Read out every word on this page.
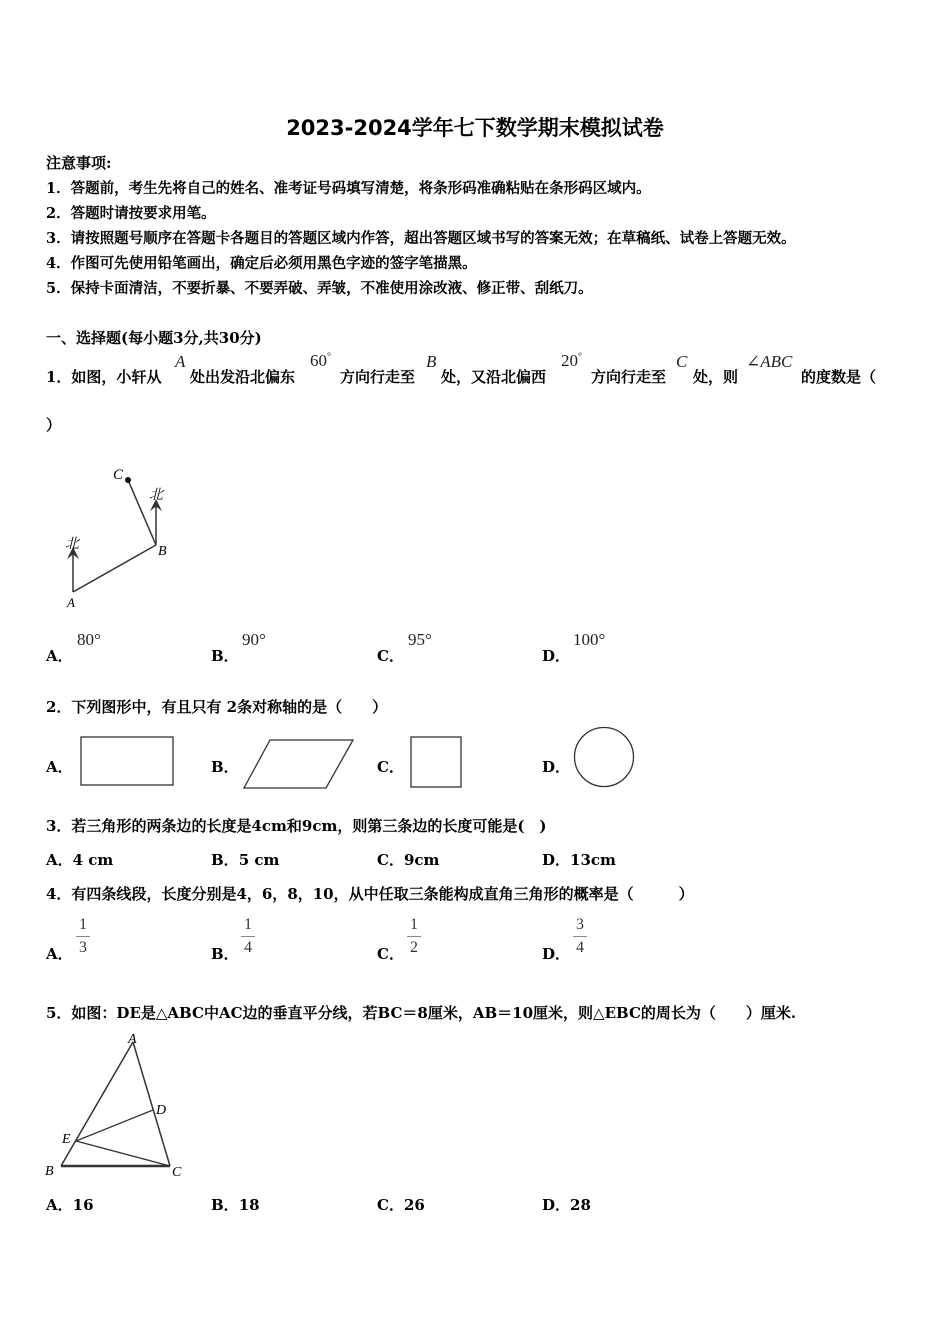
2023-2024学年七下数学期末模拟试卷
注意事项:
1．答题前，考生先将自己的姓名、准考证号码填写清楚，将条形码准确粘贴在条形码区域内。
2．答题时请按要求用笔。
3．请按照题号顺序在答题卡各题目的答题区域内作答，超出答题区域书写的答案无效；在草稿纸、试卷上答题无效。
4．作图可先使用铅笔画出，确定后必须用黑色字迹的签字笔描黑。
5．保持卡面清洁，不要折暴、不要弄破、弄皱，不准使用涂改液、修正带、刮纸刀。
一、选择题(每小题3分,共30分)
1．如图，小轩从
A
处出发沿北偏东
60°
方向行走至
B
处，又沿北偏西
20°
方向行走至
C
处，则
∠ABC
的度数是（
）
C
B
A
北
北
A．
80°
B．
90°
C．
95°
D．
100°
2．下列图形中，有且只有 2条对称轴的是（　　）
A．	B．	C．	D．
3．若三角形的两条边的长度是4cm和9cm，则第三条边的长度可能是(　)
A．4 cm	B．5 cm	C．9cm	D．13cm
4．有四条线段，长度分别是4，6，8，10，从中任取三条能构成直角三角形的概率是（　　　）
A．
1
3	B．
1
4	C．
1
2	D．
3
4
5．如图：DE是△ABC中AC边的垂直平分线，若BC＝8厘米，AB＝10厘米，则△EBC的周长为（　　）厘米.
A
D
E
B	C
A．16	B．18	C．26	D．28
